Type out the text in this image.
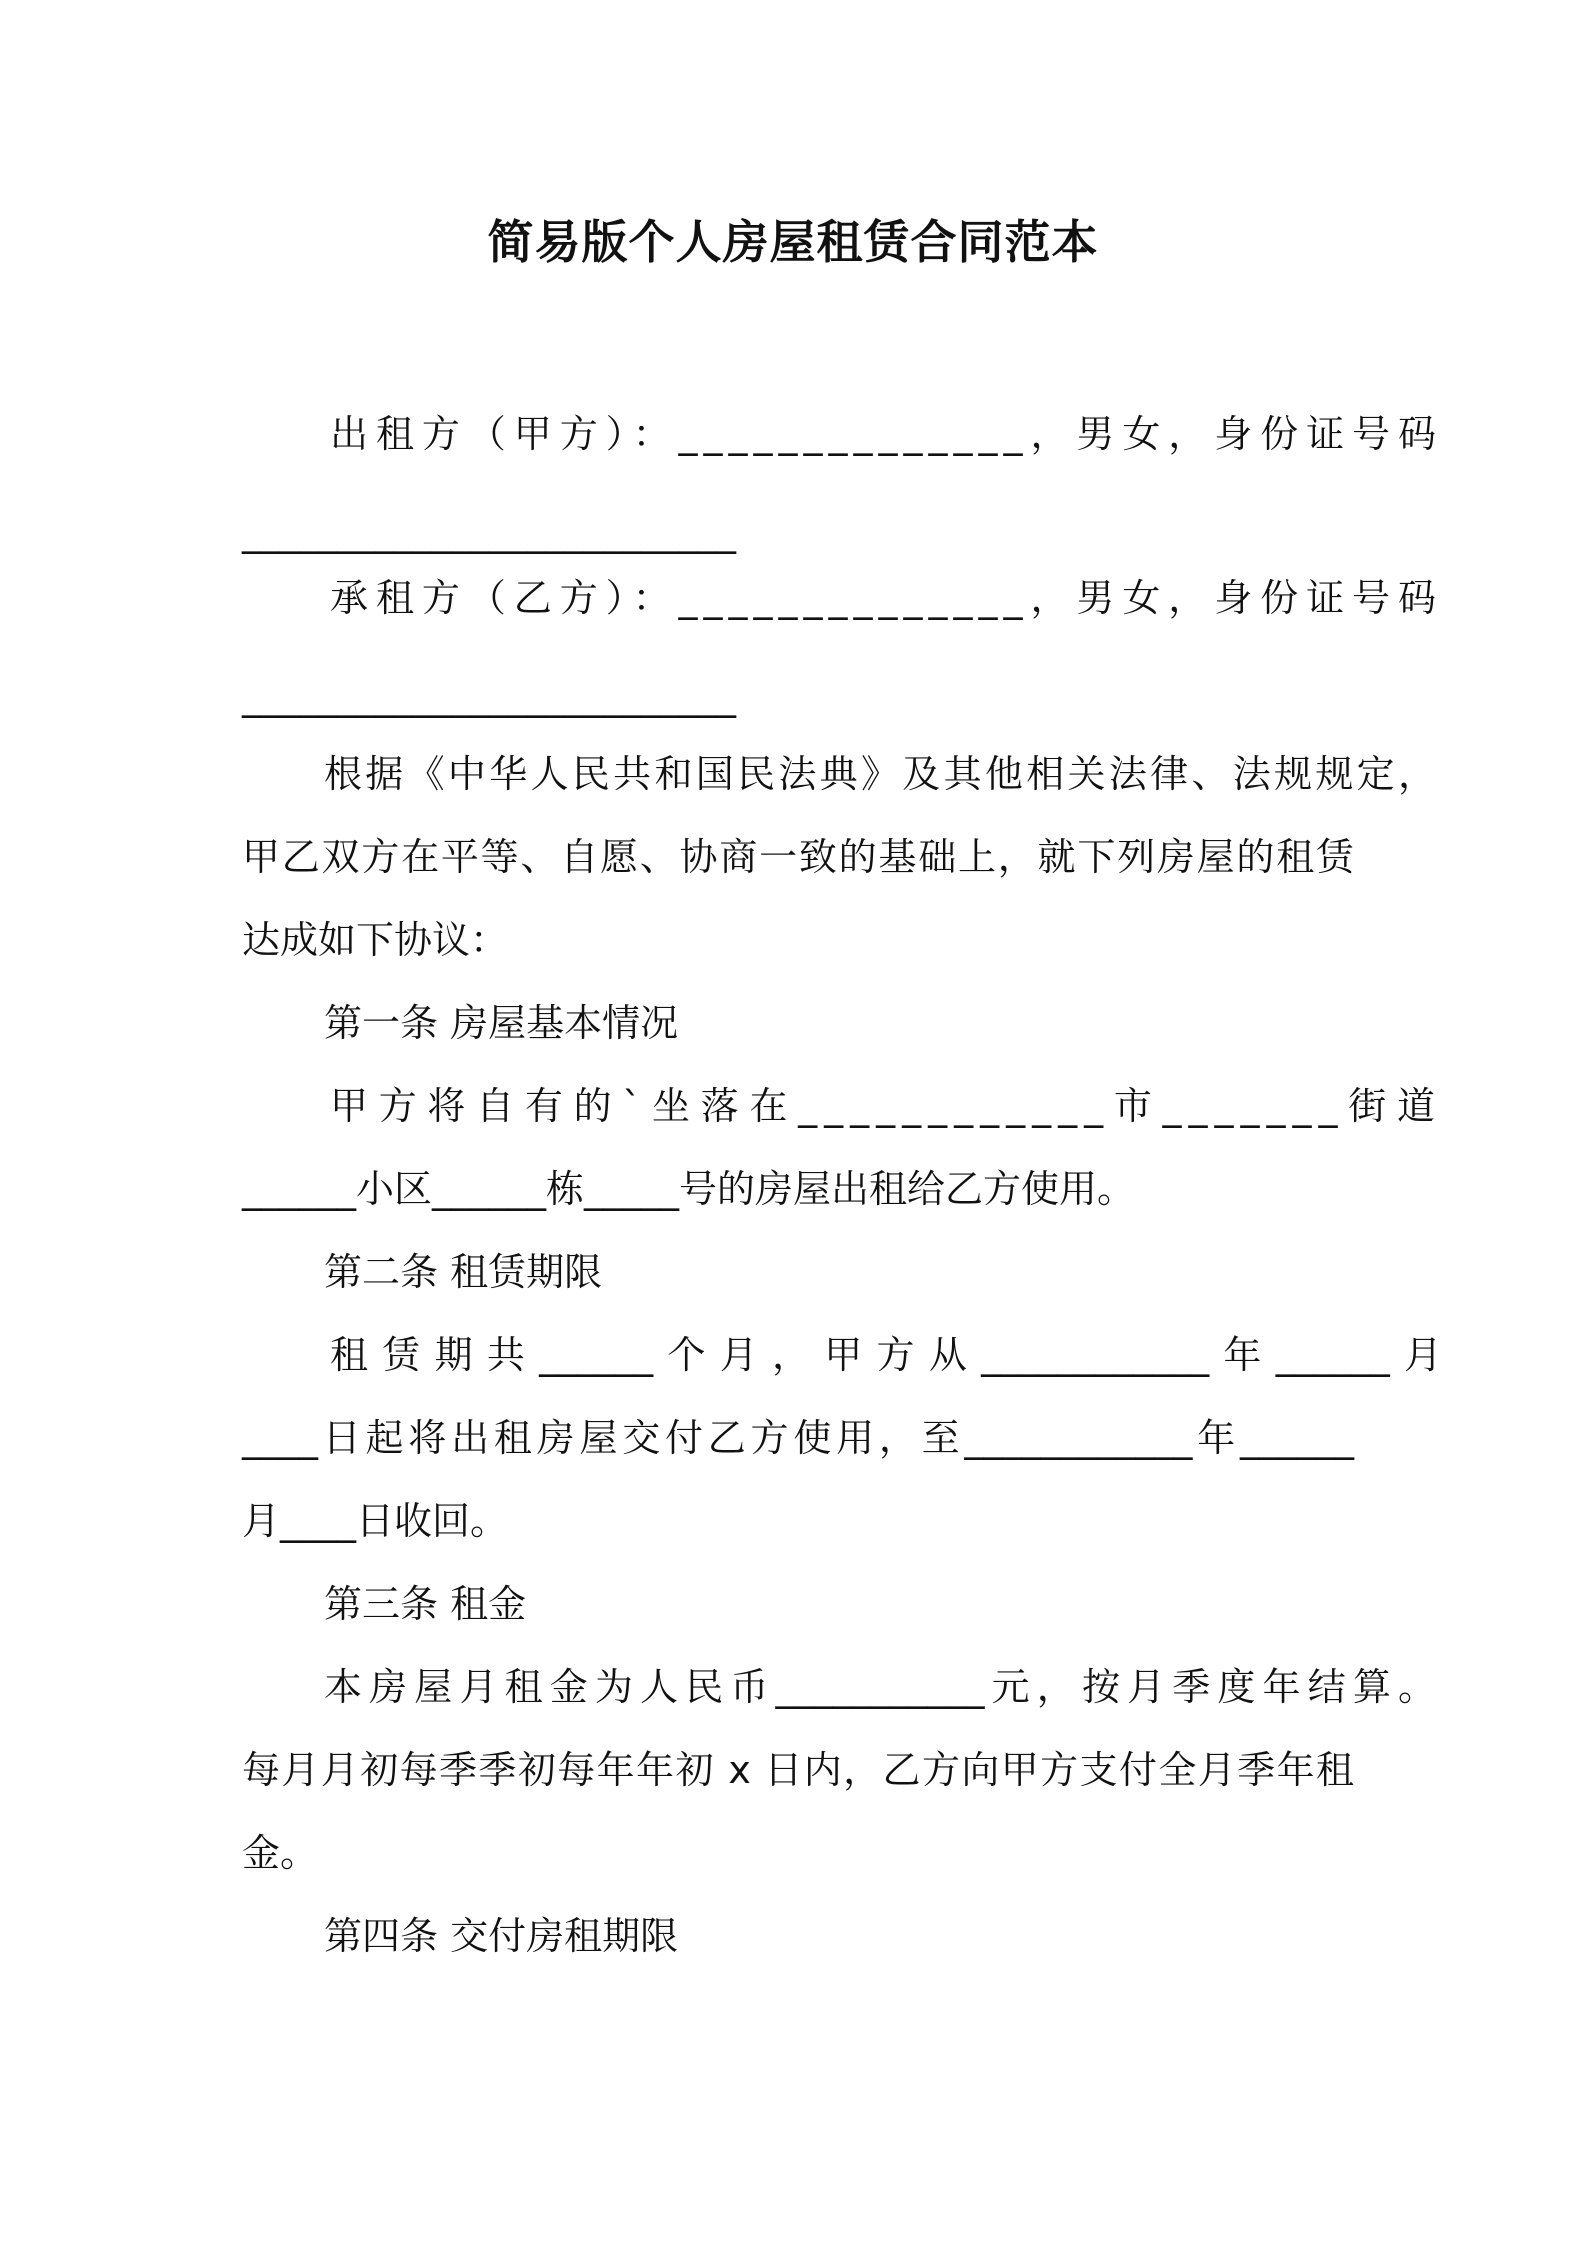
简易版个人房屋租赁合同范本
出租方（甲方）：______________，男女，身份证号码
__________________________
承租方（乙方）：______________，男女，身份证号码
__________________________
根据《中华人民共和国民法典》及其他相关法律、法规规定，
甲乙双方在平等、自愿、协商一致的基础上，就下列房屋的租赁
达成如下协议：
第一条 房屋基本情况
甲方将自有的`坐落在____________市_______街道
______小区______栋_____号的房屋出租给乙方使用。
第二条 租赁期限
租赁期共______个月，甲方从____________年______月
____日起将出租房屋交付乙方使用，至____________年______
月____日收回。
第三条 租金
本房屋月租金为人民币___________元，按月季度年结算。
每月月初每季季初每年年初 x 日内，乙方向甲方支付全月季年租
金。
第四条 交付房租期限
